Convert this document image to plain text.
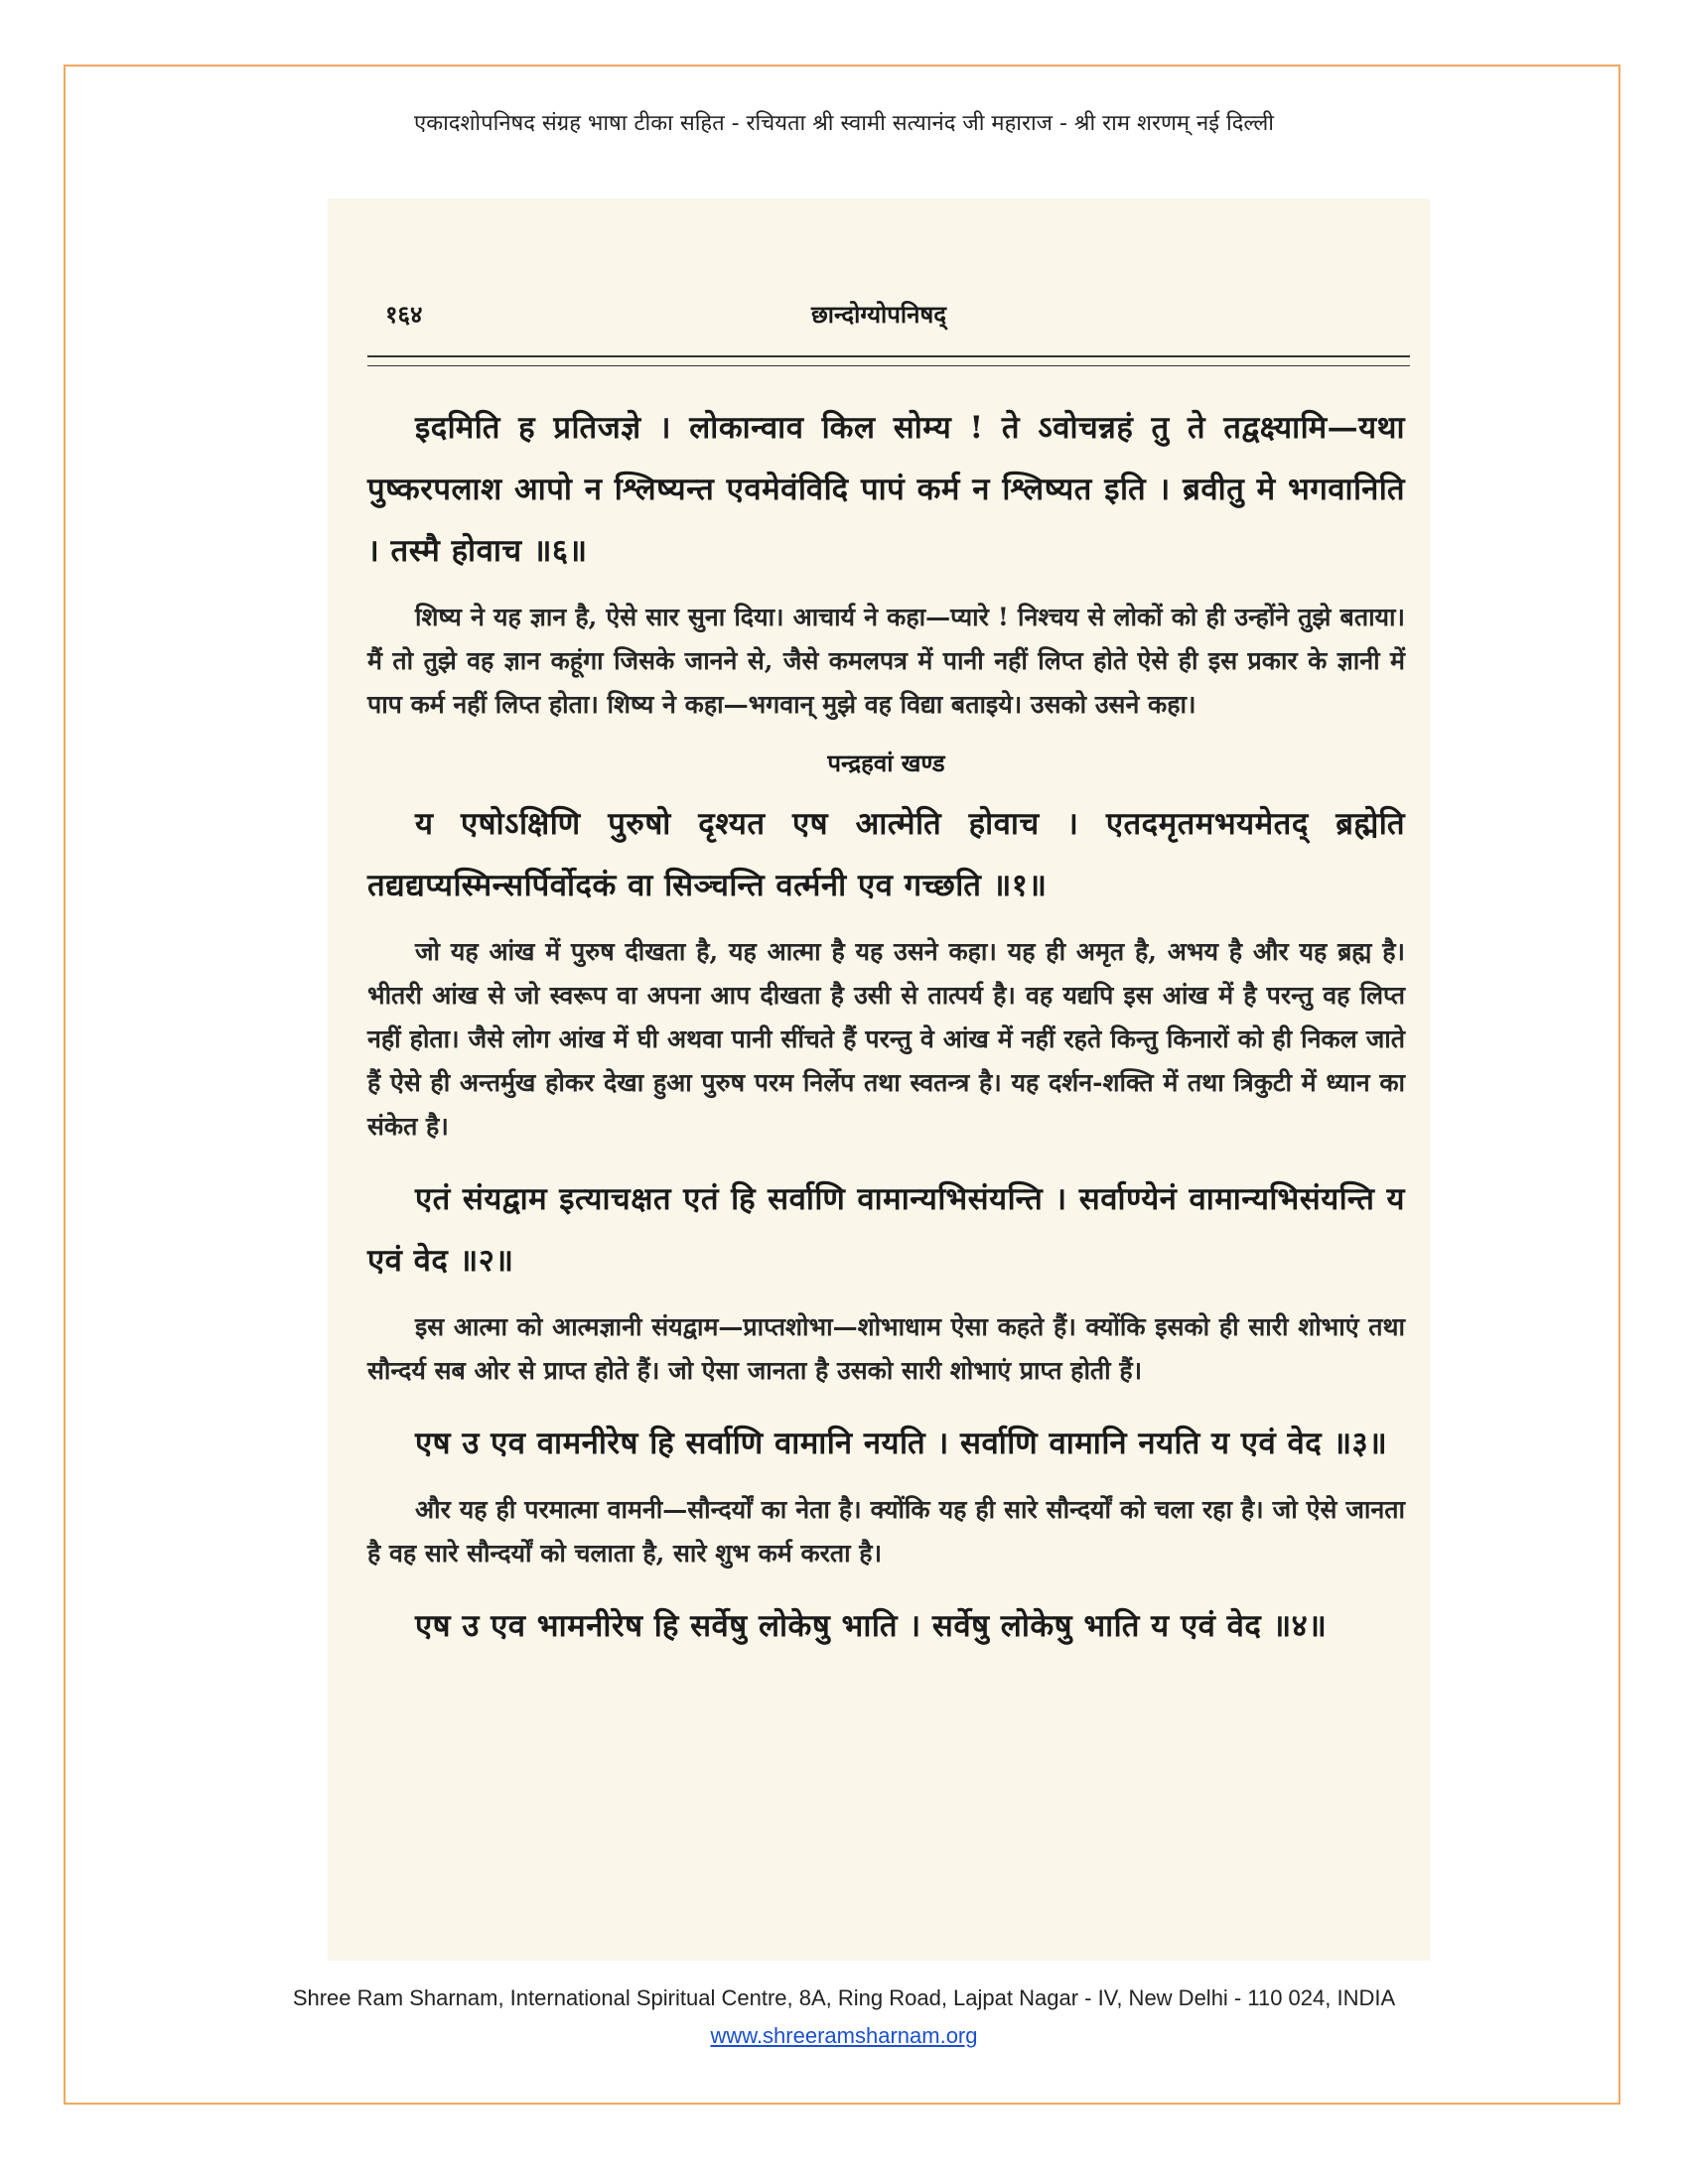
एकादशोपनिषद संग्रह भाषा टीका सहित - रचियता श्री स्वामी सत्यानंद जी महाराज - श्री राम शरणम् नई दिल्ली
१६४	छान्दोग्योपनिषद्

इदमिति ह प्रतिजज्ञे । लोकान्वाव किल सोम्य ! ते ऽवोचन्नहं तु ते तद्वक्ष्यामि—यथा पुष्करपलाश आपो न श्लिष्यन्त एवमेवंविदि पापं कर्म न श्लिष्यत इति । ब्रवीतु मे भगवानिति । तस्मै होवाच ॥६॥

शिष्य ने यह ज्ञान है, ऐसे सार सुना दिया। आचार्य ने कहा—प्यारे ! निश्चय से लोकों को ही उन्होंने तुझे बताया। मैं तो तुझे वह ज्ञान कहूंगा जिसके जानने से, जैसे कमलपत्र में पानी नहीं लिप्त होते ऐसे ही इस प्रकार के ज्ञानी में पाप कर्म नहीं लिप्त होता। शिष्य ने कहा—भगवान् मुझे वह विद्या बताइये। उसको उसने कहा।

पन्द्रहवां खण्ड

य एषोऽक्षिणि पुरुषो दृश्यत एष आत्मेति होवाच । एतदमृतमभयमेतद् ब्रह्मेति तद्यद्यप्यस्मिन्सर्पिर्वोदकं वा सिञ्चन्ति वर्त्मनी एव गच्छति ॥१॥

जो यह आंख में पुरुष दीखता है, यह आत्मा है यह उसने कहा। यह ही अमृत है, अभय है और यह ब्रह्म है। भीतरी आंख से जो स्वरूप वा अपना आप दीखता है उसी से तात्पर्य है। वह यद्यपि इस आंख में है परन्तु वह लिप्त नहीं होता। जैसे लोग आंख में घी अथवा पानी सींचते हैं परन्तु वे आंख में नहीं रहते किन्तु किनारों को ही निकल जाते हैं ऐसे ही अन्तर्मुख होकर देखा हुआ पुरुष परम निर्लेप तथा स्वतन्त्र है। यह दर्शन-शक्ति में तथा त्रिकुटी में ध्यान का संकेत है।

एतं संयद्वाम इत्याचक्षत एतं हि सर्वाणि वामान्यभिसंयन्ति । सर्वाण्येनं वामान्यभिसंयन्ति य एवं वेद ॥२॥

इस आत्मा को आत्मज्ञानी संयद्वाम—प्राप्तशोभा—शोभाधाम ऐसा कहते हैं। क्योंकि इसको ही सारी शोभाएं तथा सौन्दर्य सब ओर से प्राप्त होते हैं। जो ऐसा जानता है उसको सारी शोभाएं प्राप्त होती हैं।

एष उ एव वामनीरेष हि सर्वाणि वामानि नयति । सर्वाणि वामानि नयति य एवं वेद ॥३॥

और यह ही परमात्मा वामनी—सौन्दर्यों का नेता है। क्योंकि यह ही सारे सौन्दर्यों को चला रहा है। जो ऐसे जानता है वह सारे सौन्दर्यों को चलाता है, सारे शुभ कर्म करता है।

एष उ एव भामनीरेष हि सर्वेषु लोकेषु भाति । सर्वेषु लोकेषु भाति य एवं वेद ॥४॥

Shree Ram Sharnam, International Spiritual Centre, 8A, Ring Road, Lajpat Nagar - IV, New Delhi - 110 024, INDIA
www.shreeramsharnam.org
